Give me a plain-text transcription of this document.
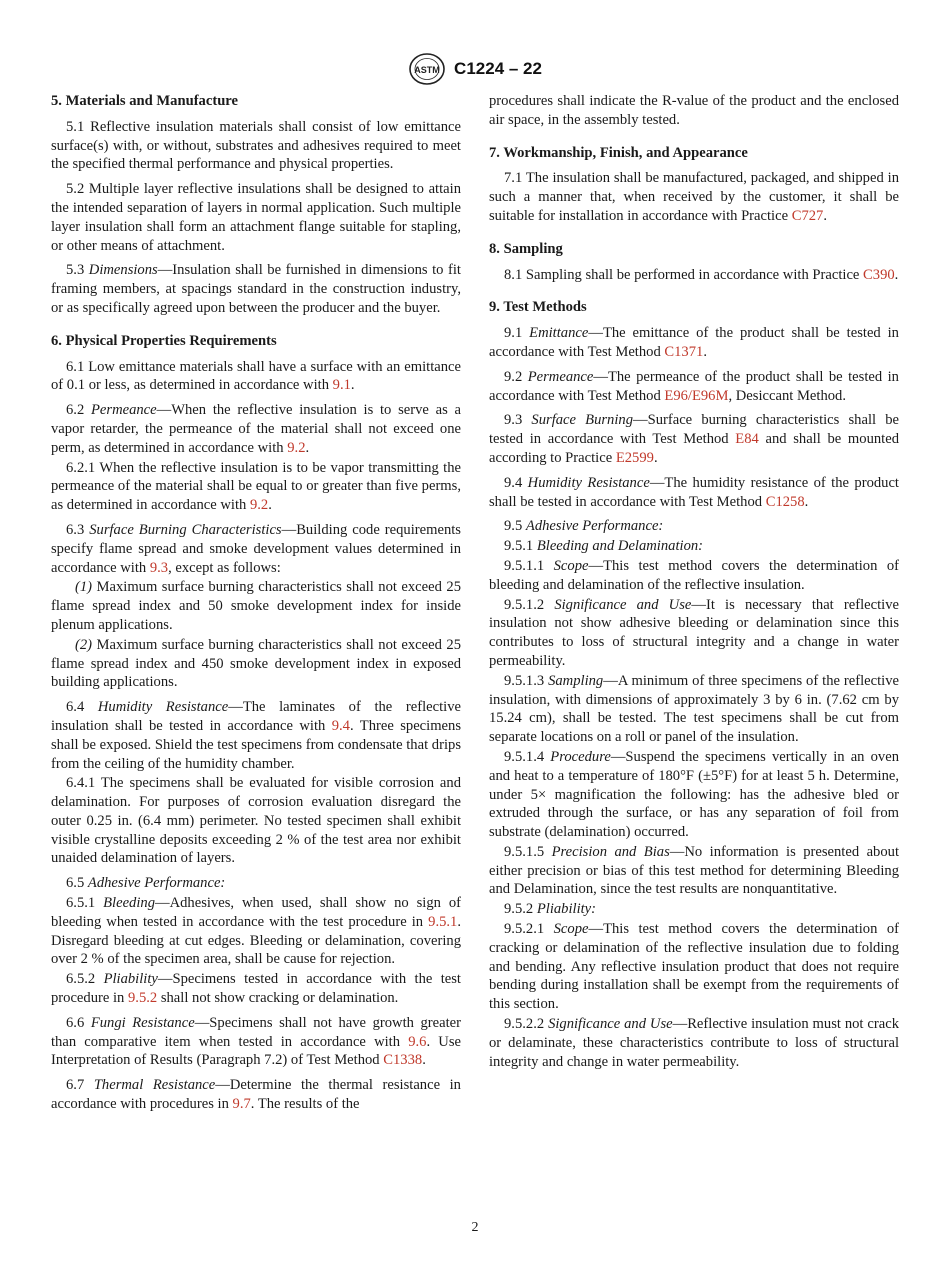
ASTM C1224 – 22
5. Materials and Manufacture

5.1 Reflective insulation materials shall consist of low emittance surface(s) with, or without, substrates and adhesives required to meet the specified thermal performance and physical properties.

5.2 Multiple layer reflective insulations shall be designed to attain the intended separation of layers in normal application. Such multiple layer insulation shall form an attachment flange suitable for stapling, or other means of attachment.

5.3 Dimensions—Insulation shall be furnished in dimensions to fit framing members, at spacings standard in the construction industry, or as specifically agreed upon between the producer and the buyer.

6. Physical Properties Requirements

6.1 Low emittance materials shall have a surface with an emittance of 0.1 or less, as determined in accordance with 9.1.

6.2 Permeance—When the reflective insulation is to serve as a vapor retarder, the permeance of the material shall not exceed one perm, as determined in accordance with 9.2.

6.2.1 When the reflective insulation is to be vapor transmitting the permeance of the material shall be equal to or greater than five perms, as determined in accordance with 9.2.

6.3 Surface Burning Characteristics—Building code requirements specify flame spread and smoke development values determined in accordance with 9.3, except as follows:

(1) Maximum surface burning characteristics shall not exceed 25 flame spread index and 50 smoke development index for inside plenum applications.

(2) Maximum surface burning characteristics shall not exceed 25 flame spread index and 450 smoke development index in exposed building applications.

6.4 Humidity Resistance—The laminates of the reflective insulation shall be tested in accordance with 9.4. Three specimens shall be exposed. Shield the test specimens from condensate that drips from the ceiling of the humidity chamber.

6.4.1 The specimens shall be evaluated for visible corrosion and delamination. For purposes of corrosion evaluation disregard the outer 0.25 in. (6.4 mm) perimeter. No tested specimen shall exhibit visible crystalline deposits exceeding 2 % of the test area nor exhibit unaided delamination of layers.

6.5 Adhesive Performance:

6.5.1 Bleeding—Adhesives, when used, shall show no sign of bleeding when tested in accordance with the test procedure in 9.5.1. Disregard bleeding at cut edges. Bleeding or delamination, covering over 2 % of the specimen area, shall be cause for rejection.

6.5.2 Pliability—Specimens tested in accordance with the test procedure in 9.5.2 shall not show cracking or delamination.

6.6 Fungi Resistance—Specimens shall not have growth greater than comparative item when tested in accordance with 9.6. Use Interpretation of Results (Paragraph 7.2) of Test Method C1338.

6.7 Thermal Resistance—Determine the thermal resistance in accordance with procedures in 9.7. The results of the

procedures shall indicate the R-value of the product and the enclosed air space, in the assembly tested.

7. Workmanship, Finish, and Appearance

7.1 The insulation shall be manufactured, packaged, and shipped in such a manner that, when received by the customer, it shall be suitable for installation in accordance with Practice C727.

8. Sampling

8.1 Sampling shall be performed in accordance with Practice C390.

9. Test Methods

9.1 Emittance—The emittance of the product shall be tested in accordance with Test Method C1371.

9.2 Permeance—The permeance of the product shall be tested in accordance with Test Method E96/E96M, Desiccant Method.

9.3 Surface Burning—Surface burning characteristics shall be tested in accordance with Test Method E84 and shall be mounted according to Practice E2599.

9.4 Humidity Resistance—The humidity resistance of the product shall be tested in accordance with Test Method C1258.

9.5 Adhesive Performance:

9.5.1 Bleeding and Delamination:

9.5.1.1 Scope—This test method covers the determination of bleeding and delamination of the reflective insulation.

9.5.1.2 Significance and Use—It is necessary that reflective insulation not show adhesive bleeding or delamination since this contributes to loss of structural integrity and a change in water permeability.

9.5.1.3 Sampling—A minimum of three specimens of the reflective insulation, with dimensions of approximately 3 by 6 in. (7.62 cm by 15.24 cm), shall be tested. The test specimens shall be cut from separate locations on a roll or panel of the insulation.

9.5.1.4 Procedure—Suspend the specimens vertically in an oven and heat to a temperature of 180°F (±5°F) for at least 5 h. Determine, under 5× magnification the following: has the adhesive bled or extruded through the surface, or has any separation of foil from substrate (delamination) occurred.

9.5.1.5 Precision and Bias—No information is presented about either precision or bias of this test method for determining Bleeding and Delamination, since the test results are nonquantitative.

9.5.2 Pliability:

9.5.2.1 Scope—This test method covers the determination of cracking or delamination of the reflective insulation due to folding and bending. Any reflective insulation product that does not require bending during installation shall be exempt from the requirements of this section.

9.5.2.2 Significance and Use—Reflective insulation must not crack or delaminate, these characteristics contribute to loss of structural integrity and change in water permeability.

2
